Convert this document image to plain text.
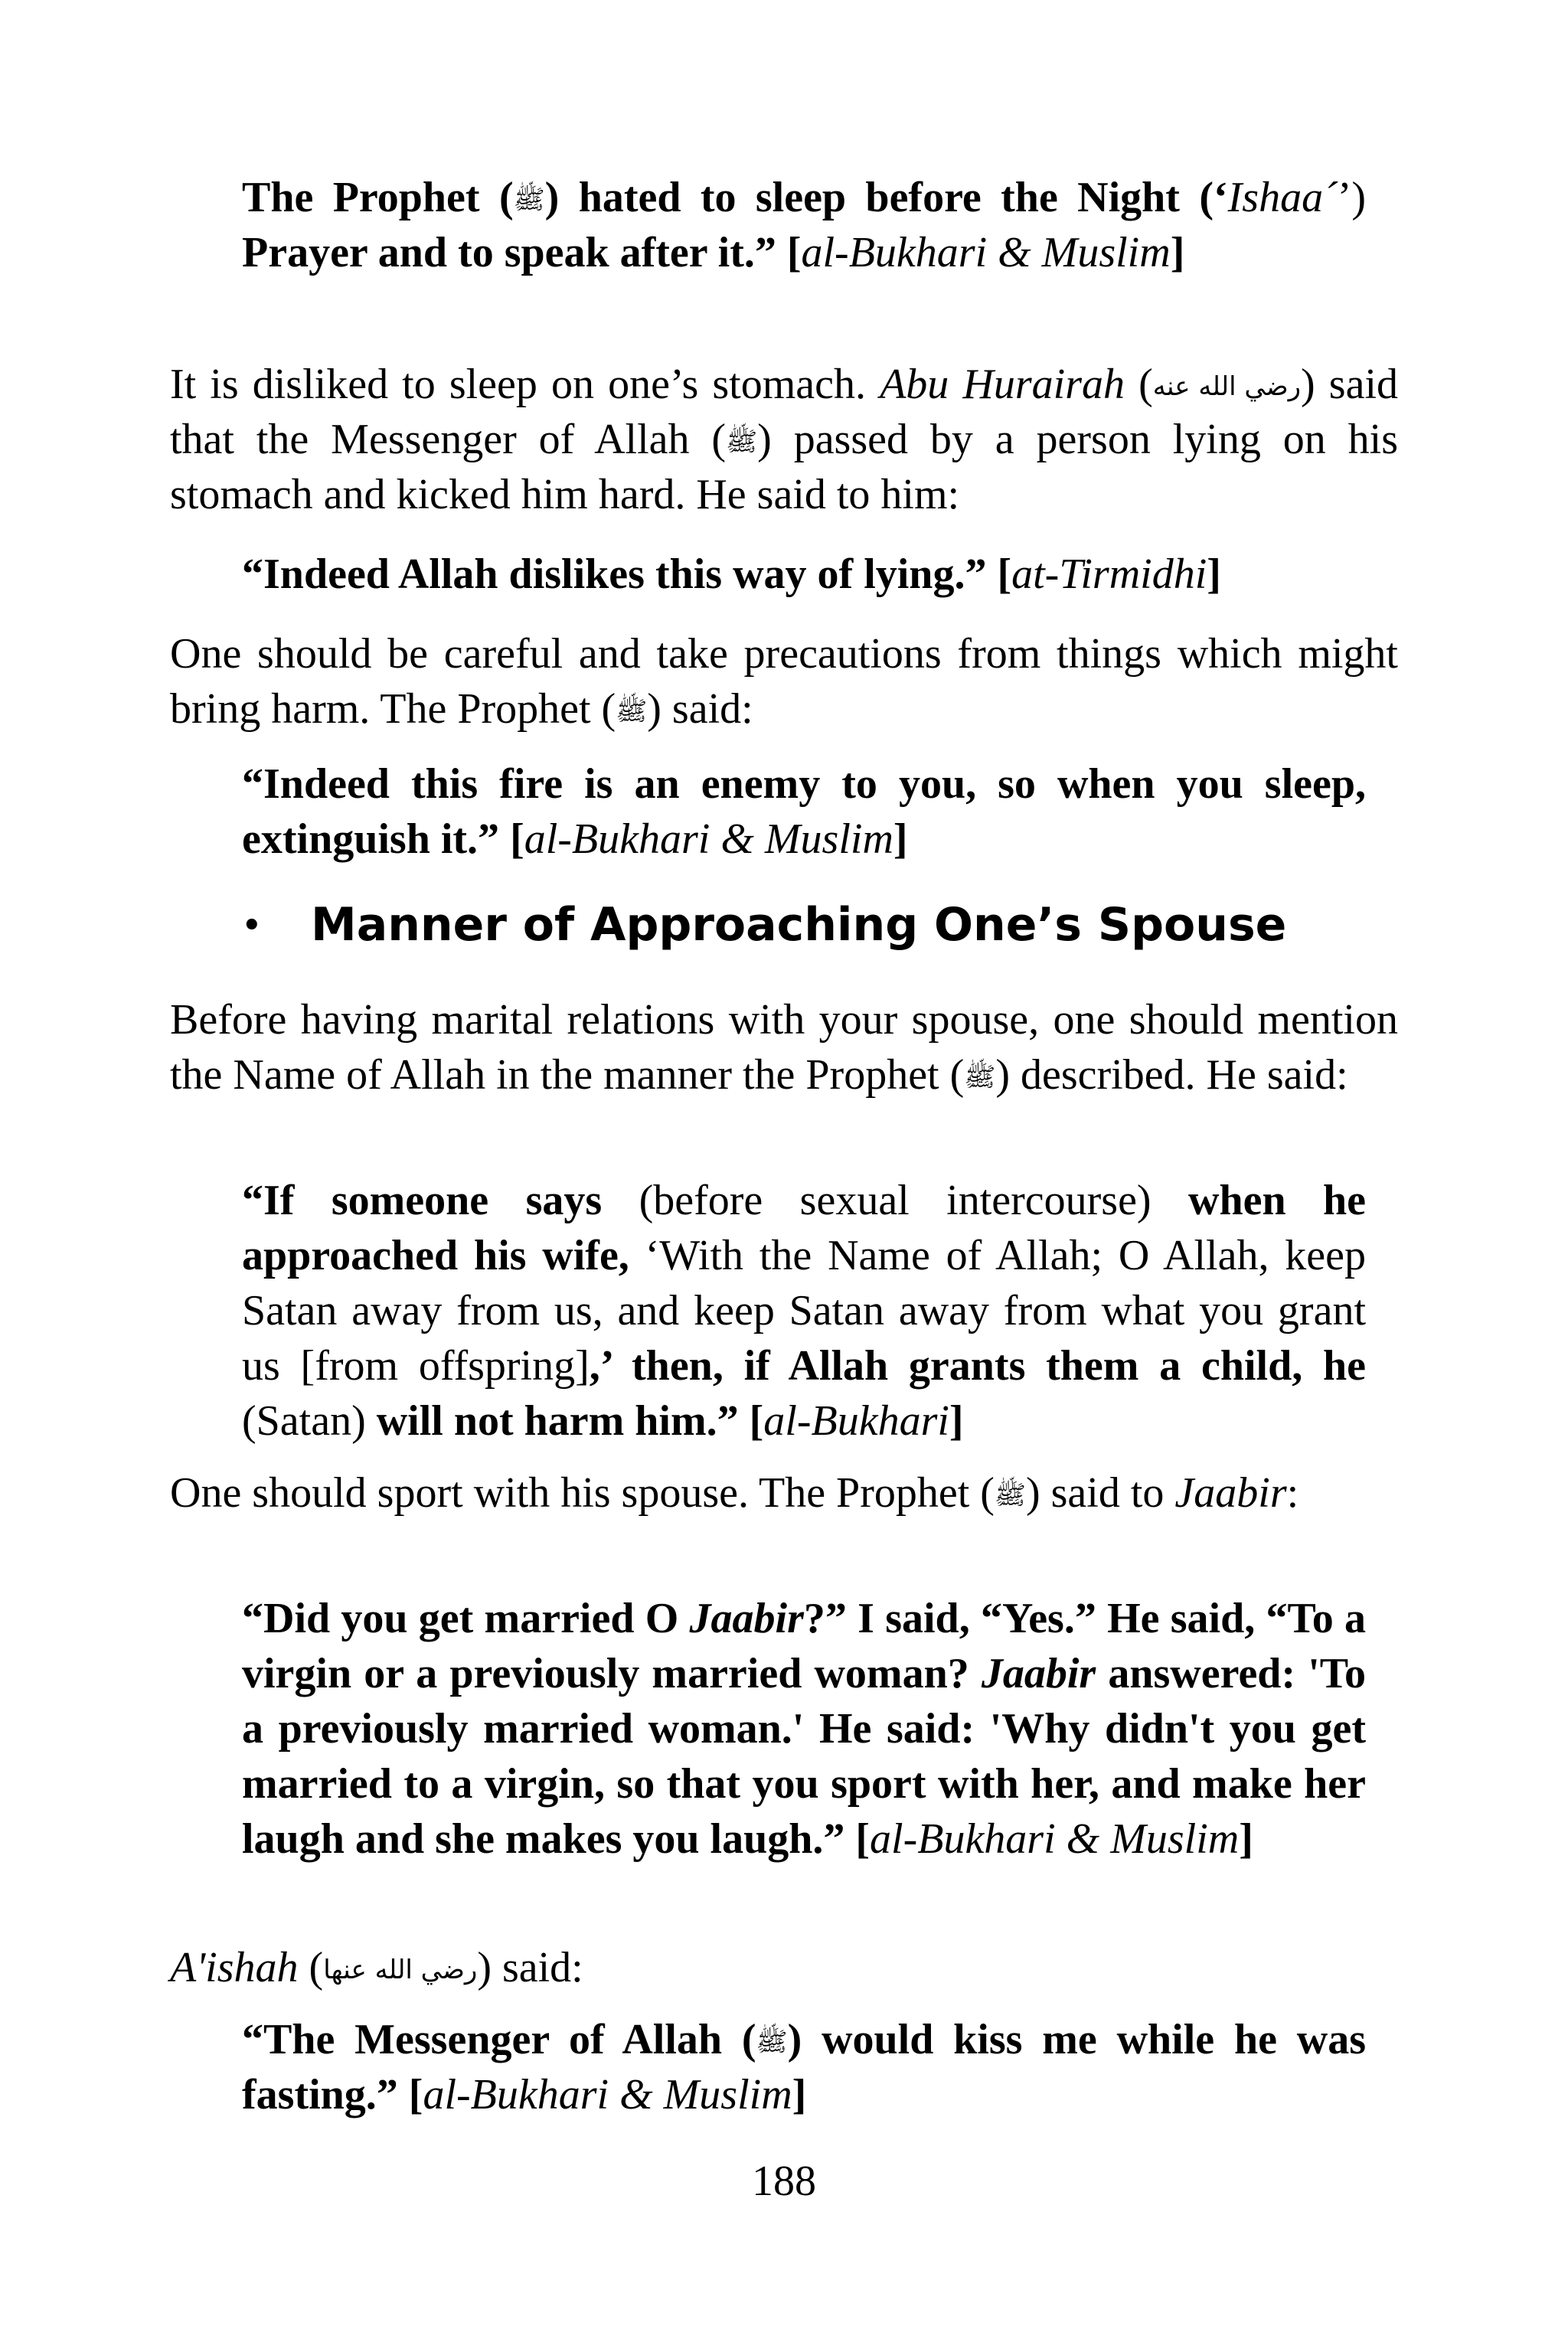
The Prophet (ﷺ) hated to sleep before the Night (‘Ishaa´’) Prayer and to speak after it.” [al-Bukhari & Muslim]

It is disliked to sleep on one’s stomach. Abu Hurairah (رضي الله عنه) said that the Messenger of Allah (ﷺ) passed by a person lying on his stomach and kicked him hard. He said to him:

“Indeed Allah dislikes this way of lying.” [at-Tirmidhi]

One should be careful and take precautions from things which might bring harm. The Prophet (ﷺ) said:

“Indeed this fire is an enemy to you, so when you sleep, extinguish it.” [al-Bukhari & Muslim]

• Manner of Approaching One’s Spouse

Before having marital relations with your spouse, one should mention the Name of Allah in the manner the Prophet (ﷺ) described. He said:

“If someone says (before sexual intercourse) when he approached his wife, ‘With the Name of Allah; O Allah, keep Satan away from us, and keep Satan away from what you grant us [from offspring],’ then, if Allah grants them a child, he (Satan) will not harm him.” [al-Bukhari]

One should sport with his spouse. The Prophet (ﷺ) said to Jaabir:

“Did you get married O Jaabir?” I said, “Yes.” He said, “To a virgin or a previously married woman? Jaabir answered: 'To a previously married woman.' He said: 'Why didn't you get married to a virgin, so that you sport with her, and make her laugh and she makes you laugh.” [al-Bukhari & Muslim]

A'ishah (رضي الله عنها) said:

“The Messenger of Allah (ﷺ) would kiss me while he was fasting.” [al-Bukhari & Muslim]

188
